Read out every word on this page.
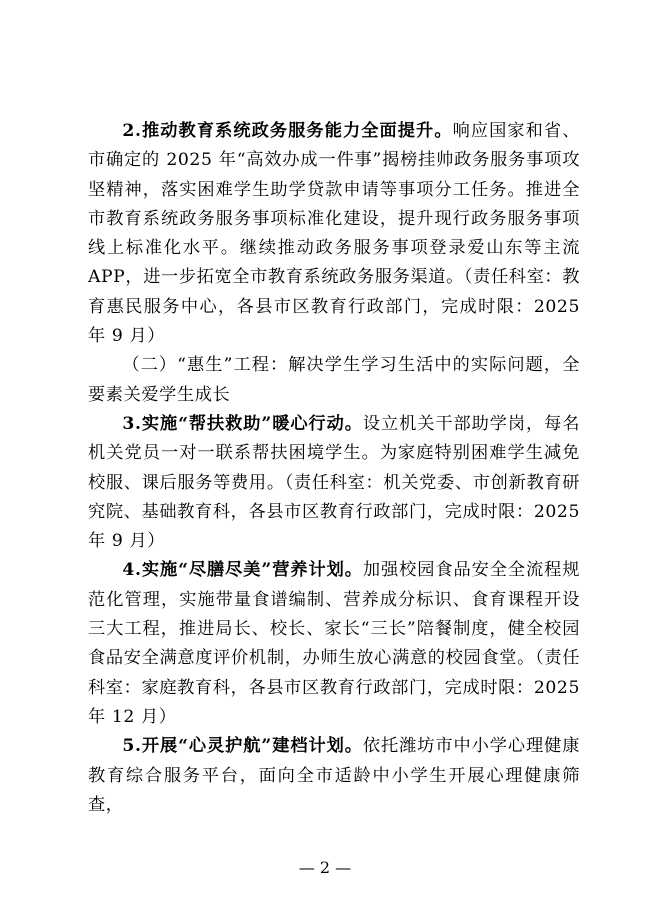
2.推动教育系统政务服务能力全面提升。响应国家和省、市确定的 2025 年“高效办成一件事”揭榜挂帅政务服务事项攻坚精神，落实困难学生助学贷款申请等事项分工任务。推进全市教育系统政务服务事项标准化建设，提升现行政务服务事项线上标准化水平。继续推动政务服务事项登录爱山东等主流 APP，进一步拓宽全市教育系统政务服务渠道。（责任科室：教育惠民服务中心，各县市区教育行政部门，完成时限：2025 年 9 月）

（二）“惠生”工程：解决学生学习生活中的实际问题，全要素关爱学生成长

3.实施“帮扶救助”暖心行动。设立机关干部助学岗，每名机关党员一对一联系帮扶困境学生。为家庭特别困难学生减免校服、课后服务等费用。（责任科室：机关党委、市创新教育研究院、基础教育科，各县市区教育行政部门，完成时限：2025 年 9 月）

4.实施“尽膳尽美”营养计划。加强校园食品安全全流程规范化管理，实施带量食谱编制、营养成分标识、食育课程开设三大工程，推进局长、校长、家长“三长”陪餐制度，健全校园食品安全满意度评价机制，办师生放心满意的校园食堂。（责任科室：家庭教育科，各县市区教育行政部门，完成时限：2025 年 12 月）

5.开展“心灵护航”建档计划。依托潍坊市中小学心理健康教育综合服务平台，面向全市适龄中小学生开展心理健康筛查，

— 2 —
